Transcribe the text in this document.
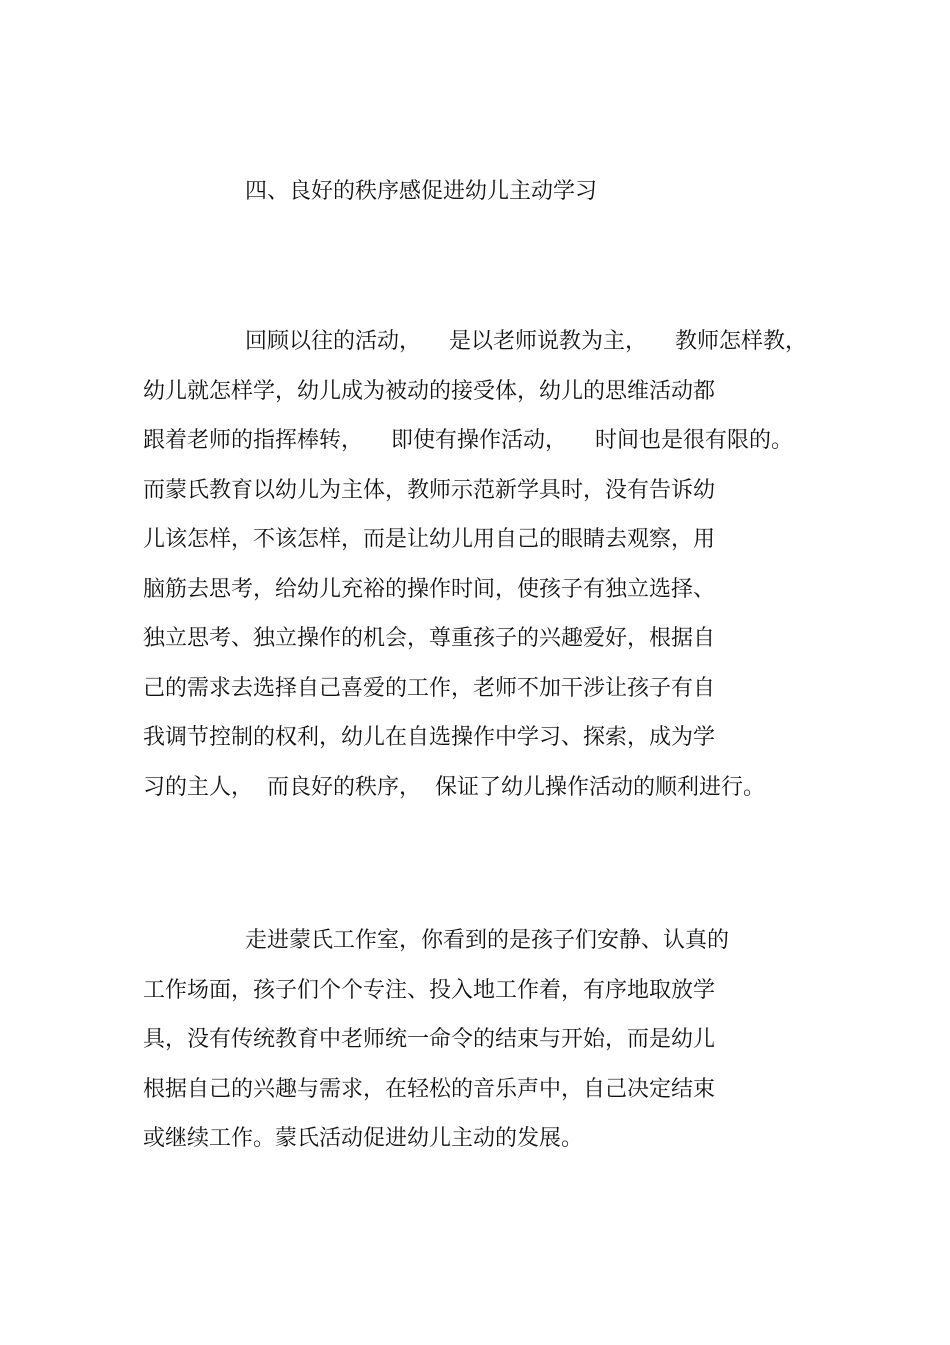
四、良好的秩序感促进幼儿主动学习
回顾以往的活动，    是以老师说教为主，    教师怎样教，
幼儿就怎样学，幼儿成为被动的接受体，幼儿的思维活动都
跟着老师的指挥棒转，    即使有操作活动，    时间也是很有限的。
而蒙氏教育以幼儿为主体，教师示范新学具时，没有告诉幼
儿该怎样，不该怎样，而是让幼儿用自己的眼睛去观察，用
脑筋去思考，给幼儿充裕的操作时间，使孩子有独立选择、
独立思考、独立操作的机会，尊重孩子的兴趣爱好，根据自
己的需求去选择自己喜爱的工作，老师不加干涉让孩子有自
我调节控制的权利，幼儿在自选操作中学习、探索，成为学
习的主人，  而良好的秩序，  保证了幼儿操作活动的顺利进行。
走进蒙氏工作室，你看到的是孩子们安静、认真的
工作场面，孩子们个个专注、投入地工作着，有序地取放学
具，没有传统教育中老师统一命令的结束与开始，而是幼儿
根据自己的兴趣与需求，在轻松的音乐声中，自己决定结束
或继续工作。蒙氏活动促进幼儿主动的发展。
